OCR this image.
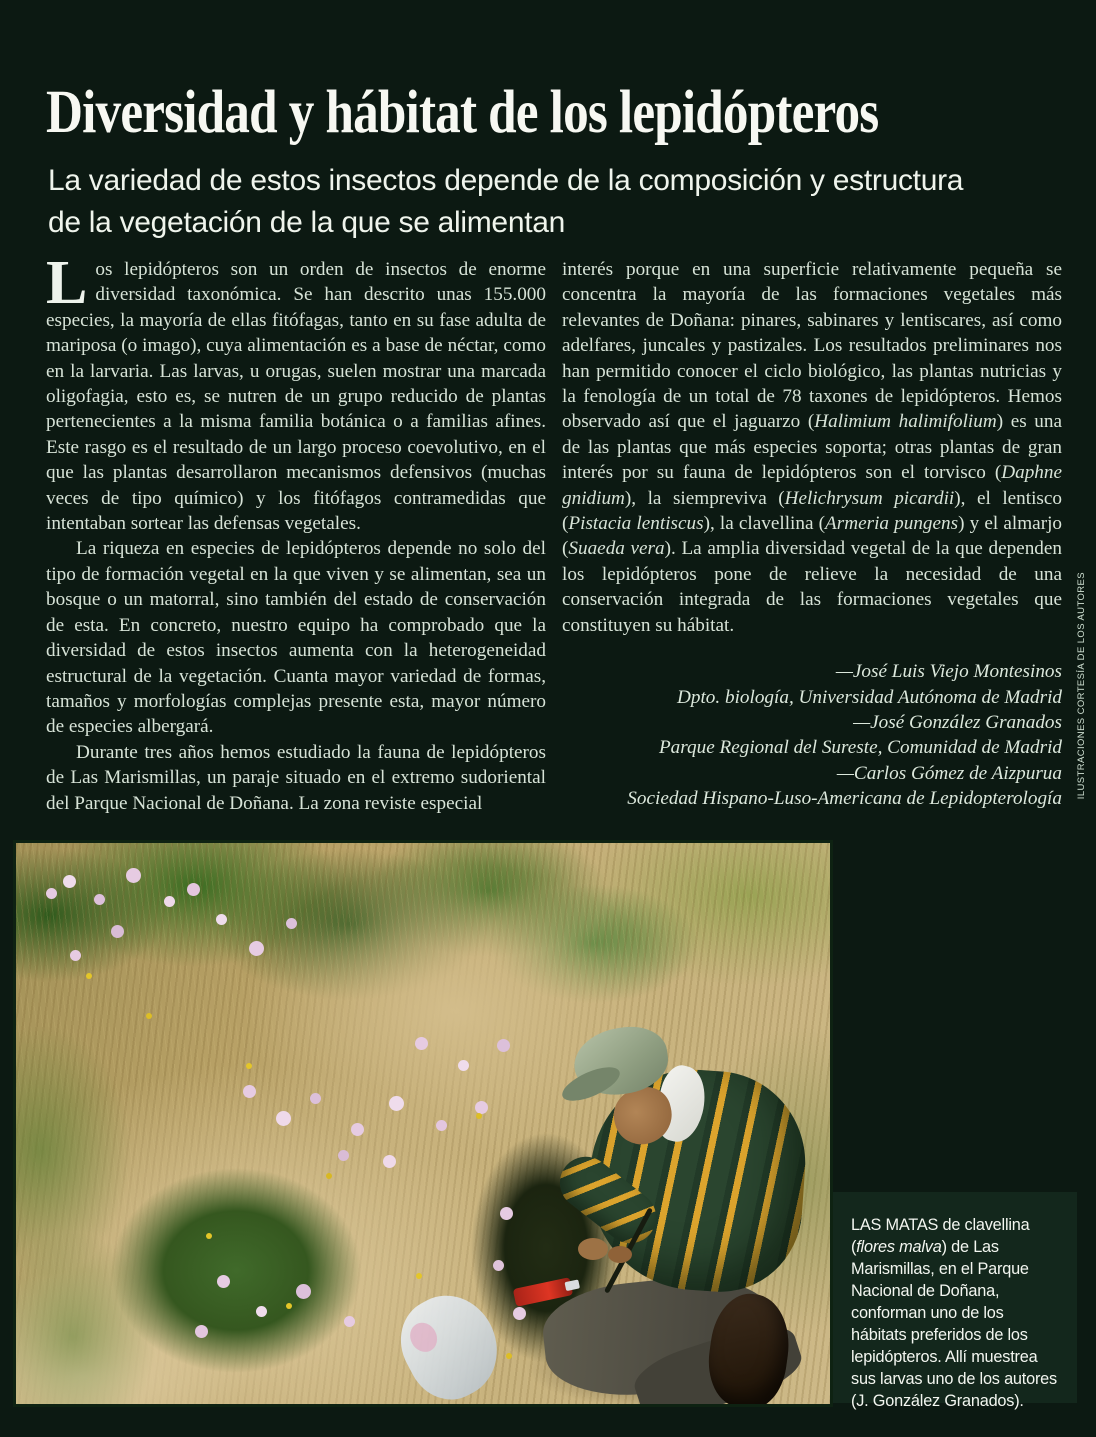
Diversidad y hábitat de los lepidópteros
La variedad de estos insectos depende de la composición y estructura
de la vegetación de la que se alimentan

Los lepidópteros son un orden de insectos de enorme diversidad taxonómica. Se han descrito unas 155.000 especies, la mayoría de ellas fitófagas, tanto en su fase adulta de mariposa (o imago), cuya alimentación es a base de néctar, como en la larvaria. Las larvas, u orugas, suelen mostrar una marcada oligofagia, esto es, se nutren de un grupo reducido de plantas pertenecientes a la misma familia botánica o a familias afines. Este rasgo es el resultado de un largo proceso coevolutivo, en el que las plantas desarrollaron mecanismos defensivos (muchas veces de tipo químico) y los fitófagos contramedidas que intentaban sortear las defensas vegetales.

La riqueza en especies de lepidópteros depende no solo del tipo de formación vegetal en la que viven y se alimentan, sea un bosque o un matorral, sino también del estado de conservación de esta. En concreto, nuestro equipo ha comprobado que la diversidad de estos insectos aumenta con la heterogeneidad estructural de la vegetación. Cuanta mayor variedad de formas, tamaños y morfologías complejas presente esta, mayor número de especies albergará.

Durante tres años hemos estudiado la fauna de lepidópteros de Las Marismillas, un paraje situado en el extremo sudoriental del Parque Nacional de Doñana. La zona reviste especial

interés porque en una superficie relativamente pequeña se concentra la mayoría de las formaciones vegetales más relevantes de Doñana: pinares, sabinares y lentiscares, así como adelfares, juncales y pastizales. Los resultados preliminares nos han permitido conocer el ciclo biológico, las plantas nutricias y la fenología de un total de 78 taxones de lepidópteros. Hemos observado así que el jaguarzo (Halimium halimifolium) es una de las plantas que más especies soporta; otras plantas de gran interés por su fauna de lepidópteros son el torvisco (Daphne gnidium), la siempreviva (Helichrysum picardii), el lentisco (Pistacia lentiscus), la clavellina (Armeria pungens) y el almarjo (Suaeda vera). La amplia diversidad vegetal de la que dependen los lepidópteros pone de relieve la necesidad de una conservación integrada de las formaciones vegetales que constituyen su hábitat.

—José Luis Viejo Montesinos
Dpto. biología, Universidad Autónoma de Madrid
—José González Granados
Parque Regional del Sureste, Comunidad de Madrid
—Carlos Gómez de Aizpurua
Sociedad Hispano-Luso-Americana de Lepidopterología ILUSTRACIONES CORTESÍA DE LOS AUTORES

LAS MATAS de clavellina (flores malva) de Las Marismillas, en el Parque Nacional de Doñana, conforman uno de los hábitats preferidos de los lepidópteros. Allí muestrea sus larvas uno de los autores (J. González Granados).
